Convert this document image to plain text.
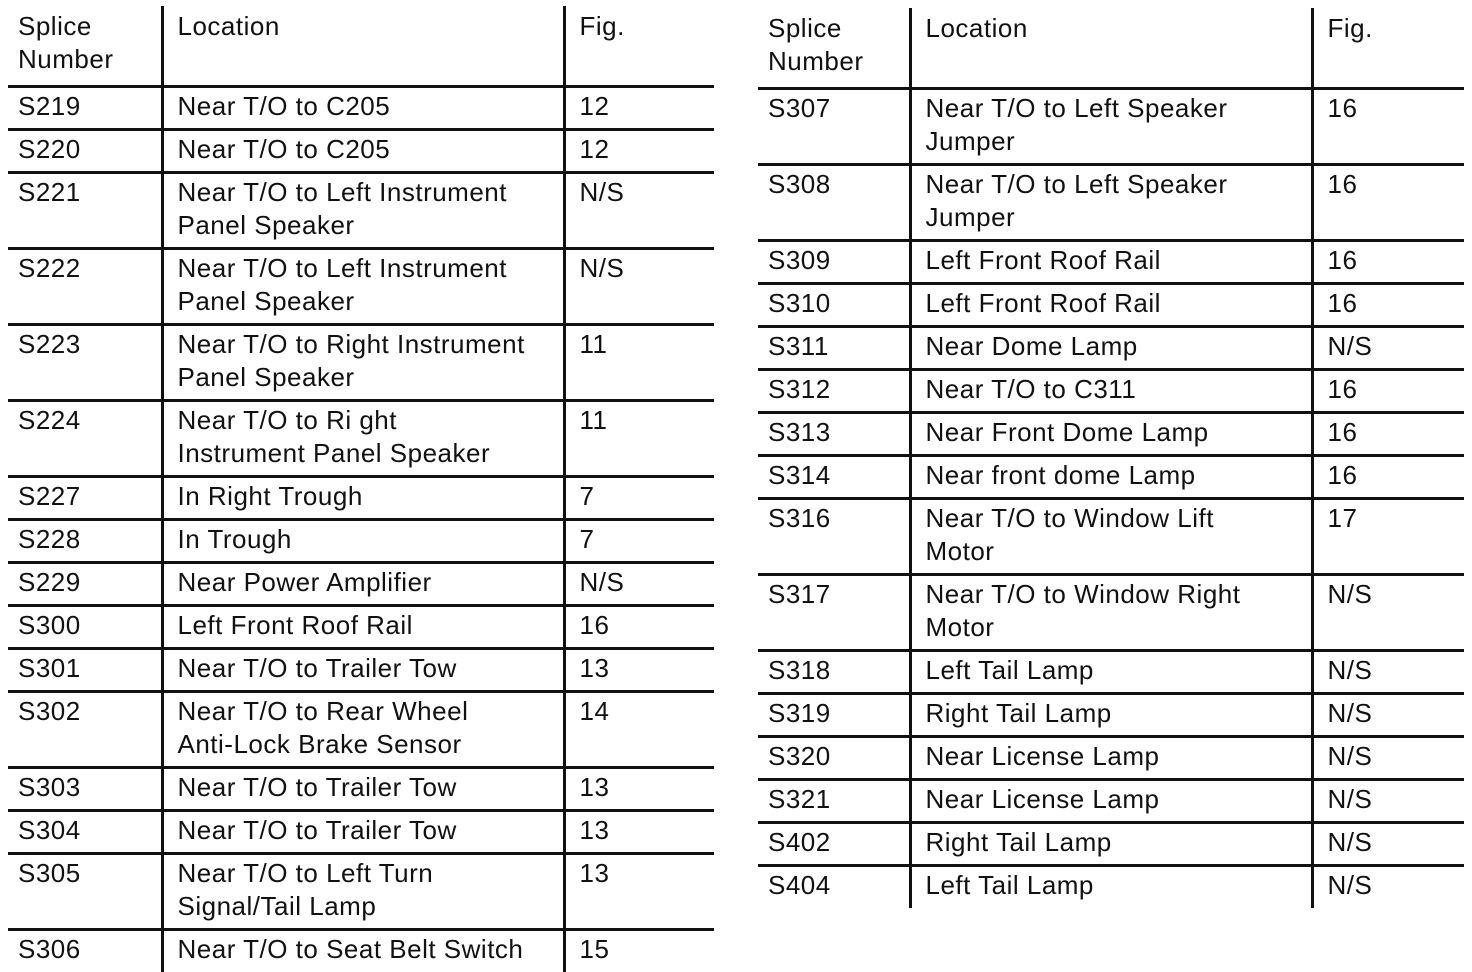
Splice
Number	Location	Fig.
S219	Near T/O to C205	12
S220	Near T/O to C205	12
S221	Near T/O to Left Instrument
Panel Speaker	N/S
S222	Near T/O to Left Instrument
Panel Speaker	N/S
S223	Near T/O to Right Instrument
Panel Speaker	11
S224	Near T/O to Ri ght
Instrument Panel Speaker	11
S227	In Right Trough	7
S228	In Trough	7
S229	Near Power Amplifier	N/S
S300	Left Front Roof Rail	16
S301	Near T/O to Trailer Tow	13
S302	Near T/O to Rear Wheel
Anti-Lock Brake Sensor	14
S303	Near T/O to Trailer Tow	13
S304	Near T/O to Trailer Tow	13
S305	Near T/O to Left Turn
Signal/Tail Lamp	13
S306	Near T/O to Seat Belt Switch	15
Splice
Number	Location	Fig.
S307	Near T/O to Left Speaker
Jumper	16
S308	Near T/O to Left Speaker
Jumper	16
S309	Left Front Roof Rail	16
S310	Left Front Roof Rail	16
S311	Near Dome Lamp	N/S
S312	Near T/O to C311	16
S313	Near Front Dome Lamp	16
S314	Near front dome Lamp	16
S316	Near T/O to Window Lift
Motor	17
S317	Near T/O to Window Right
Motor	N/S
S318	Left Tail Lamp	N/S
S319	Right Tail Lamp	N/S
S320	Near License Lamp	N/S
S321	Near License Lamp	N/S
S402	Right Tail Lamp	N/S
S404	Left Tail Lamp	N/S
